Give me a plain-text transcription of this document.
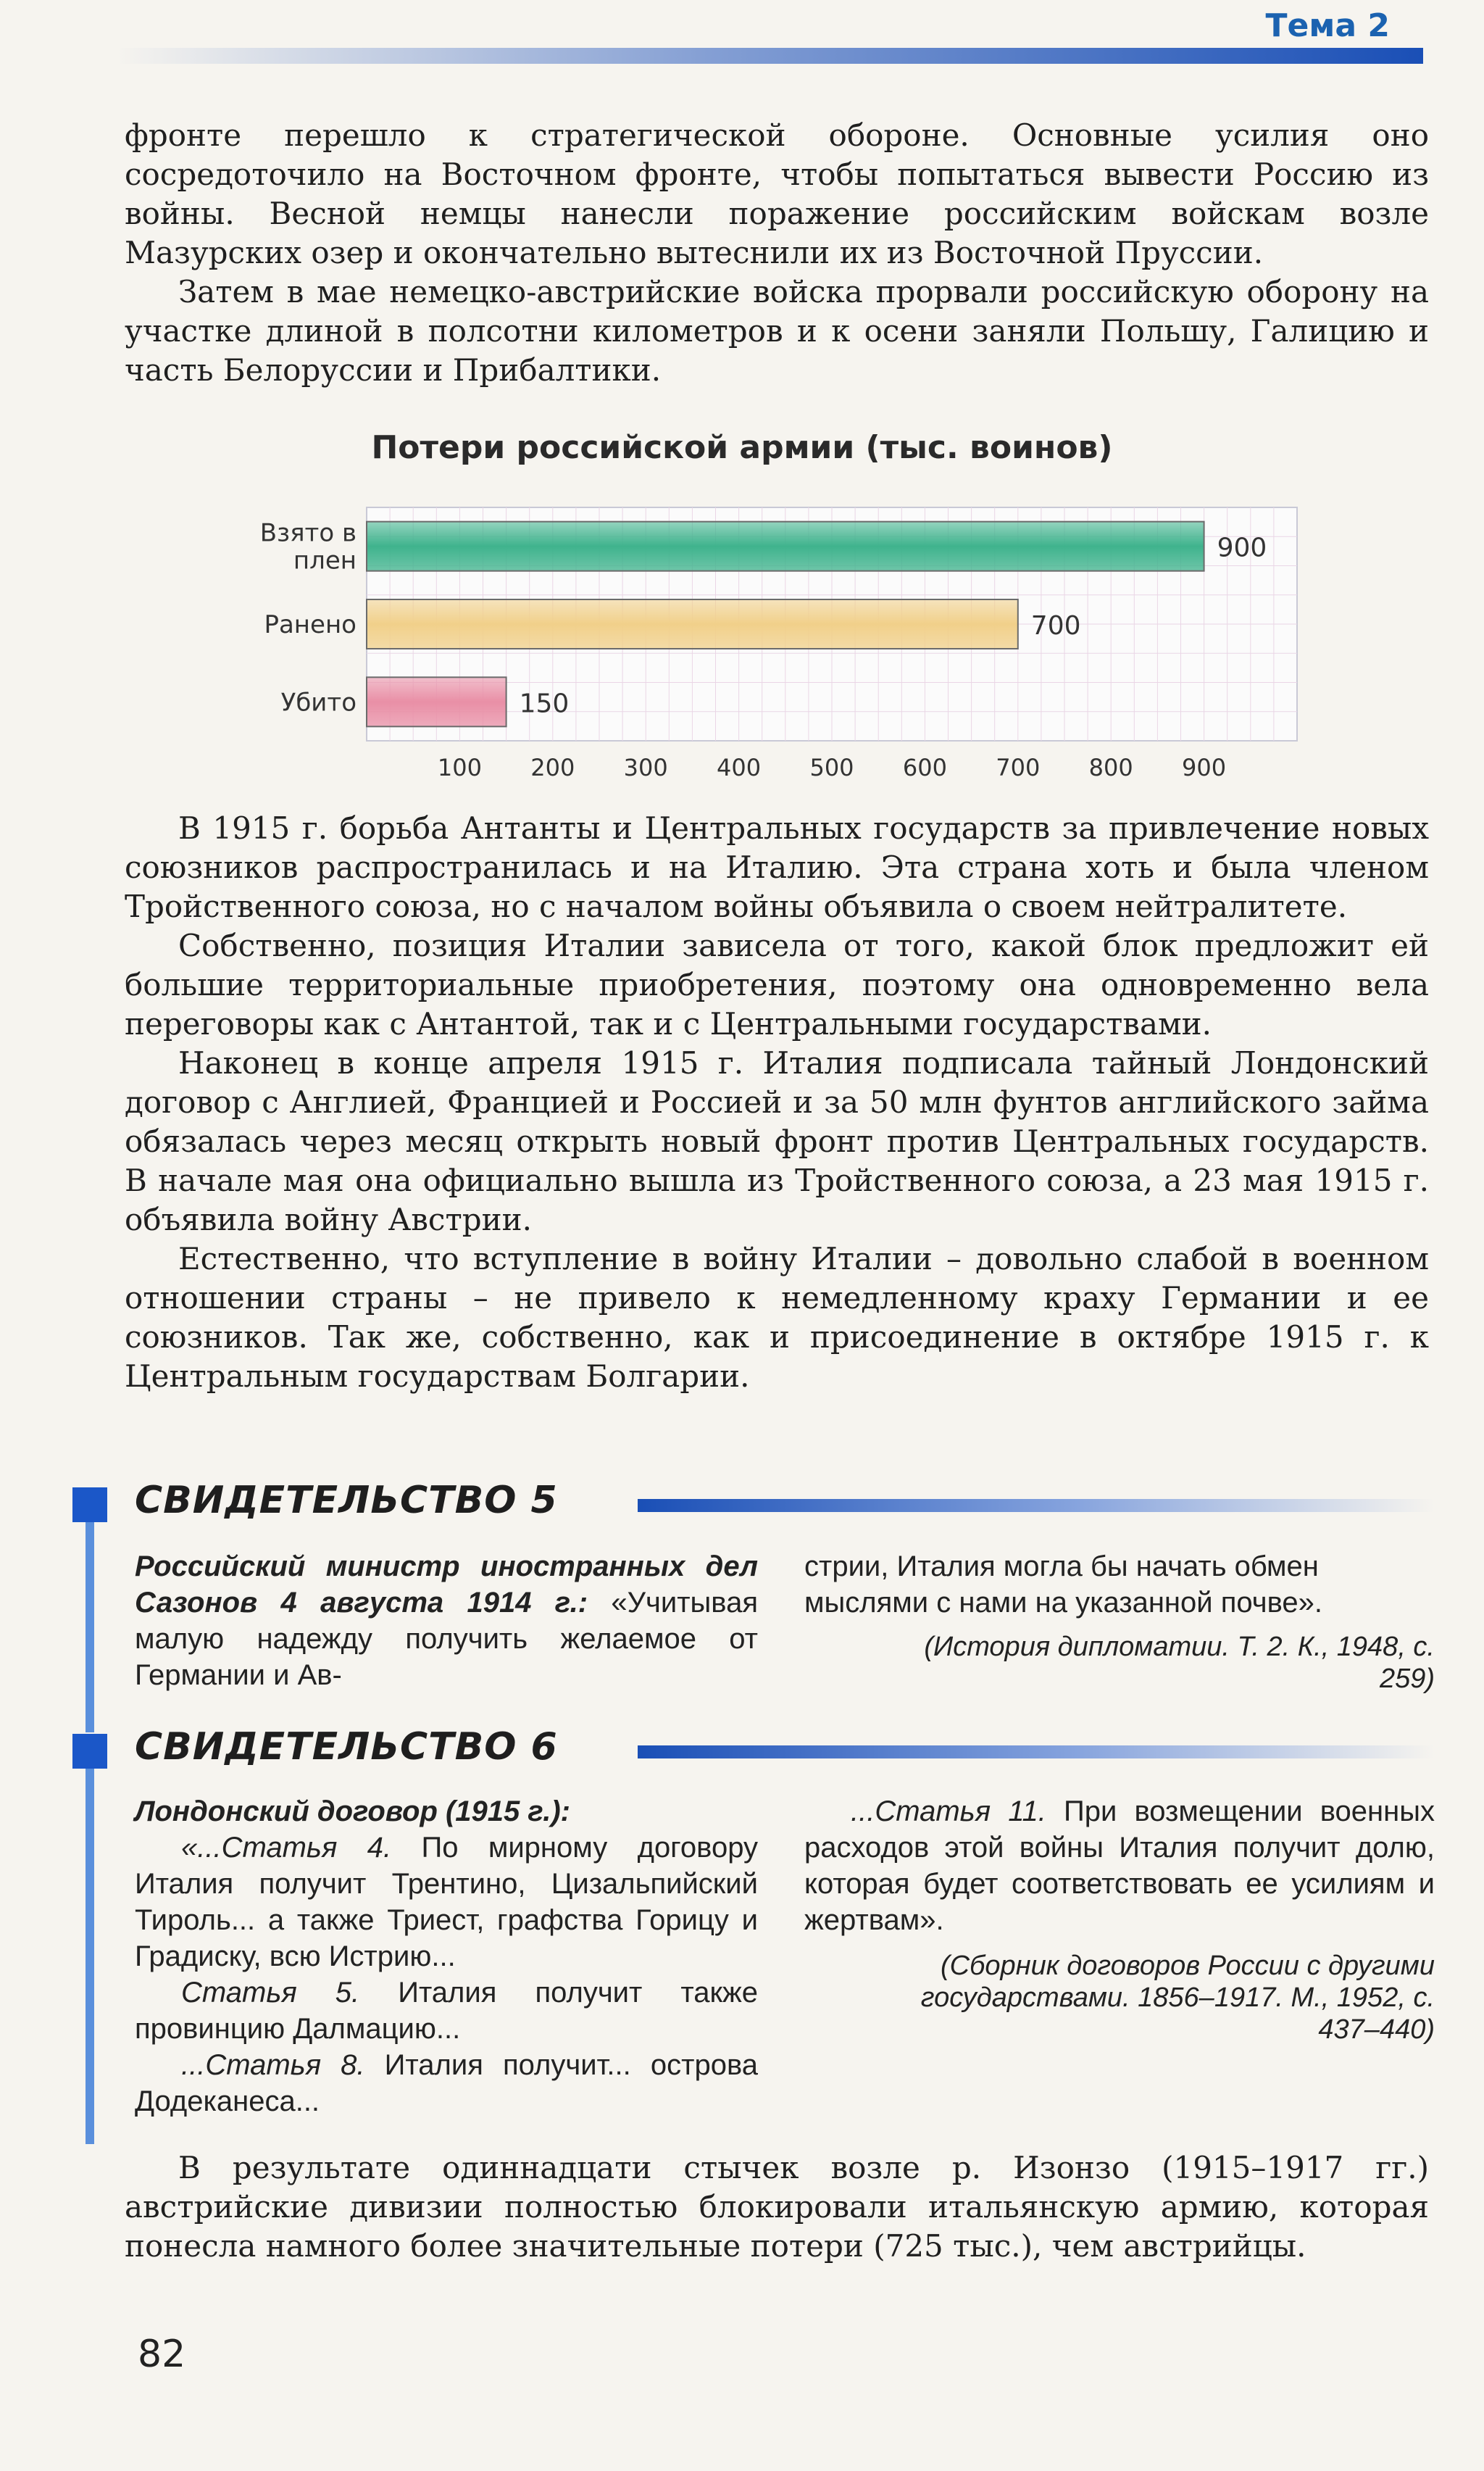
Тема 2

фронте перешло к стратегической обороне. Основные усилия оно сосредоточило на Восточном фронте, чтобы попытаться вывести Россию из войны. Весной немцы нанесли поражение российским войскам возле Мазурских озер и окончательно вытеснили их из Восточной Пруссии.

Затем в мае немецко-австрийские войска прорвали российскую оборону на участке длиной в полсотни километров и к осени заняли Польшу, Галицию и часть Белоруссии и Прибалтики.

Потери российской армии (тыс. воинов)
900
Взято в
плен
700
Ранено
150
Убито
100 200 300 400 500 600 700 800 900

В 1915 г. борьба Антанты и Центральных государств за привлечение новых союзников распространилась и на Италию. Эта страна хоть и была членом Тройственного союза, но с началом войны объявила о своем нейтралитете.

Собственно, позиция Италии зависела от того, какой блок предложит ей большие территориальные приобретения, поэтому она одновременно вела переговоры как с Антантой, так и с Центральными государствами.

Наконец в конце апреля 1915 г. Италия подписала тайный Лондонский договор с Англией, Францией и Россией и за 50 млн фунтов английского займа обязалась через месяц открыть новый фронт против Центральных государств. В начале мая она официально вышла из Тройственного союза, а 23 мая 1915 г. объявила войну Австрии.

Естественно, что вступление в войну Италии – довольно слабой в военном отношении страны – не привело к немедленному краху Германии и ее союзников. Так же, собственно, как и присоединение в октябре 1915 г. к Центральным государствам Болгарии.

СВИДЕТЕЛЬСТВО 5
Российский министр иностранных дел Сазонов 4 августа 1914 г.: «Учитывая малую надежду получить желаемое от Германии и Ав-
стрии, Италия могла бы начать обмен мыслями с нами на указанной почве».
(История дипломатии. Т. 2. К., 1948, с. 259)
СВИДЕТЕЛЬСТВО 6
Лондонский договор (1915 г.):
«...Статья 4. По мирному договору Италия получит Трентино, Цизальпийский Тироль... а также Триест, графства Горицу и Градиску, всю Истрию...
Статья 5. Италия получит также провинцию Далмацию...
...Статья 8. Италия получит... острова Додеканеса...
...Статья 11. При возмещении военных расходов этой войны Италия получит долю, которая будет соответствовать ее усилиям и жертвам».
(Сборник договоров России с другими государствами. 1856–1917. М., 1952, с. 437–440)

В результате одиннадцати стычек возле р. Изонзо (1915–1917 гг.) австрийские дивизии полностью блокировали итальянскую армию, которая понесла намного более значительные потери (725 тыс.), чем австрийцы.

82
